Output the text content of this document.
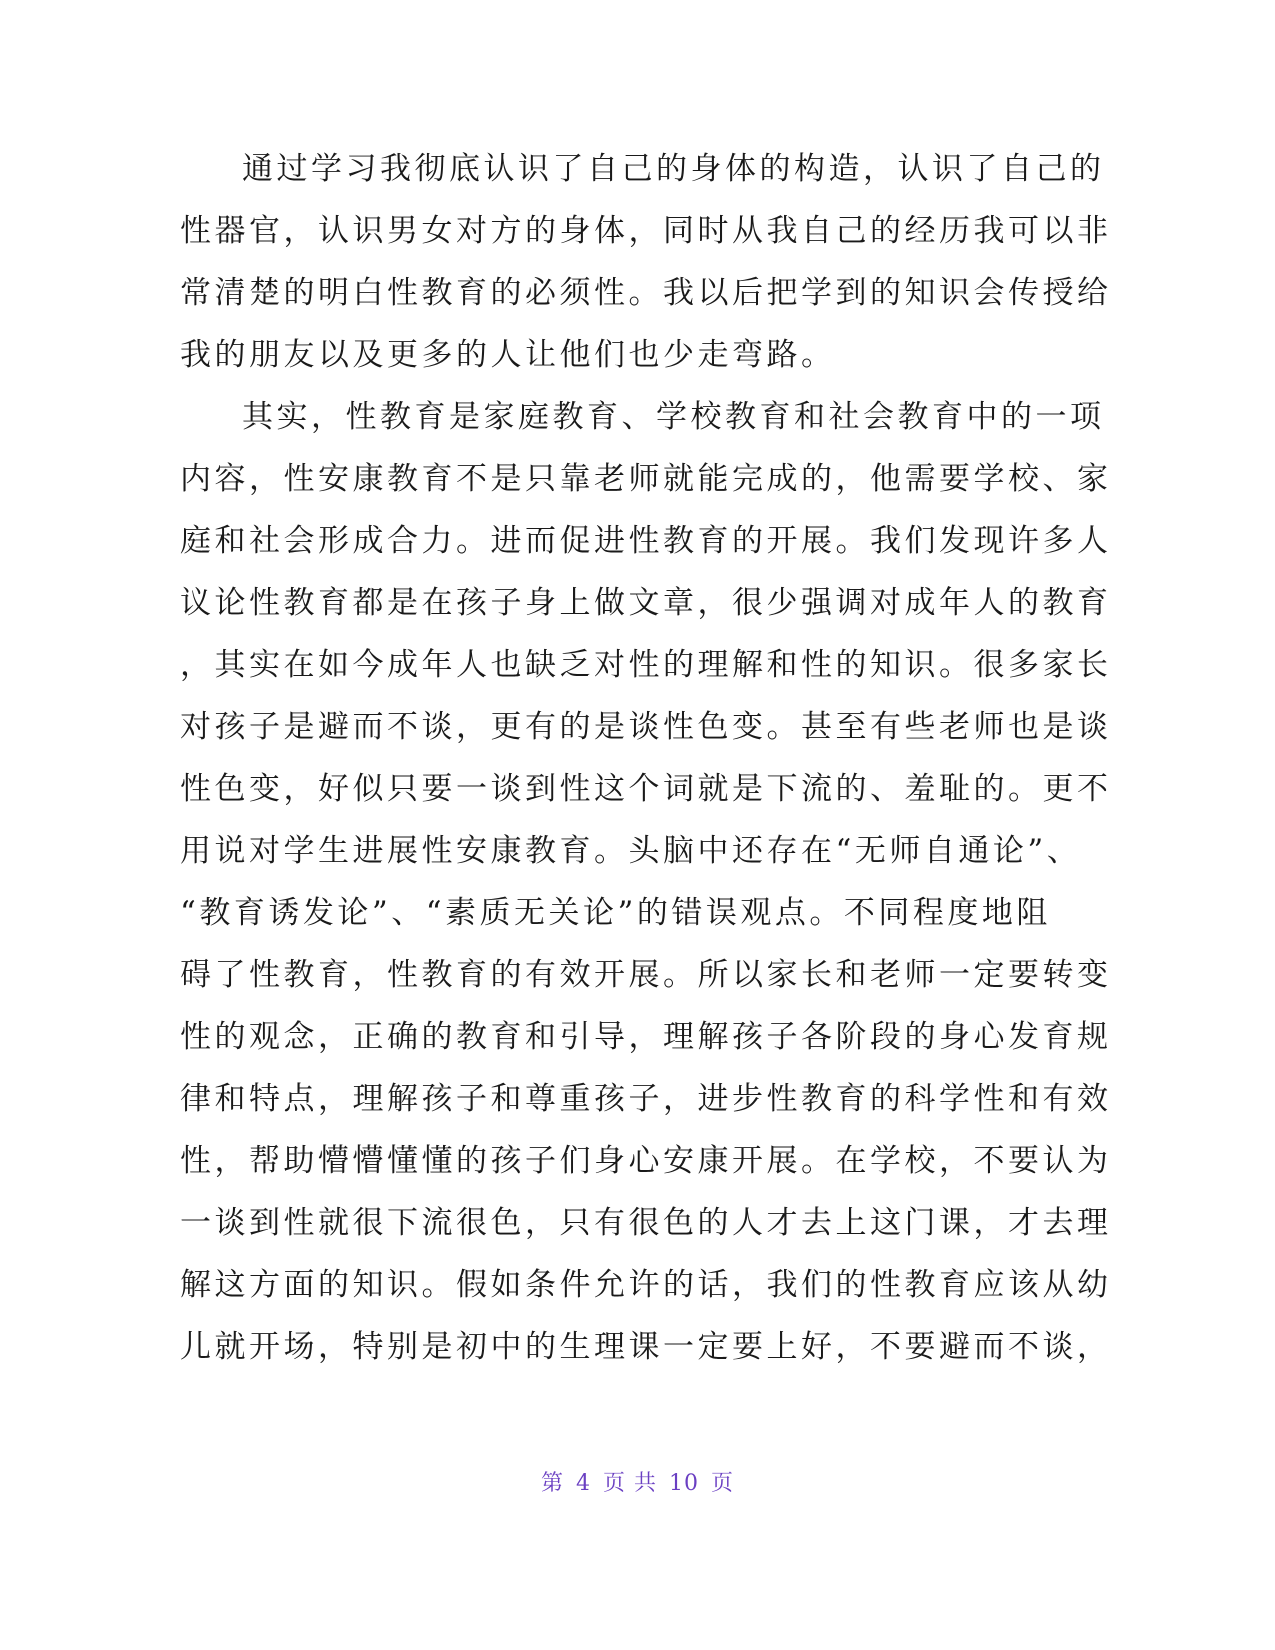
通过学习我彻底认识了自己的身体的构造，认识了自己的
性器官，认识男女对方的身体，同时从我自己的经历我可以非
常清楚的明白性教育的必须性。我以后把学到的知识会传授给
我的朋友以及更多的人让他们也少走弯路。
其实，性教育是家庭教育、学校教育和社会教育中的一项
内容，性安康教育不是只靠老师就能完成的，他需要学校、家
庭和社会形成合力。进而促进性教育的开展。我们发现许多人
议论性教育都是在孩子身上做文章，很少强调对成年人的教育
，其实在如今成年人也缺乏对性的理解和性的知识。很多家长
对孩子是避而不谈，更有的是谈性色变。甚至有些老师也是谈
性色变，好似只要一谈到性这个词就是下流的、羞耻的。更不
用说对学生进展性安康教育。头脑中还存在“无师自通论”、
“教育诱发论”、“素质无关论”的错误观点。不同程度地阻
碍了性教育，性教育的有效开展。所以家长和老师一定要转变
性的观念，正确的教育和引导，理解孩子各阶段的身心发育规
律和特点，理解孩子和尊重孩子，进步性教育的科学性和有效
性，帮助懵懵懂懂的孩子们身心安康开展。在学校，不要认为
一谈到性就很下流很色，只有很色的人才去上这门课，才去理
解这方面的知识。假如条件允许的话，我们的性教育应该从幼
儿就开场，特别是初中的生理课一定要上好，不要避而不谈，
第 4 页 共 10 页
